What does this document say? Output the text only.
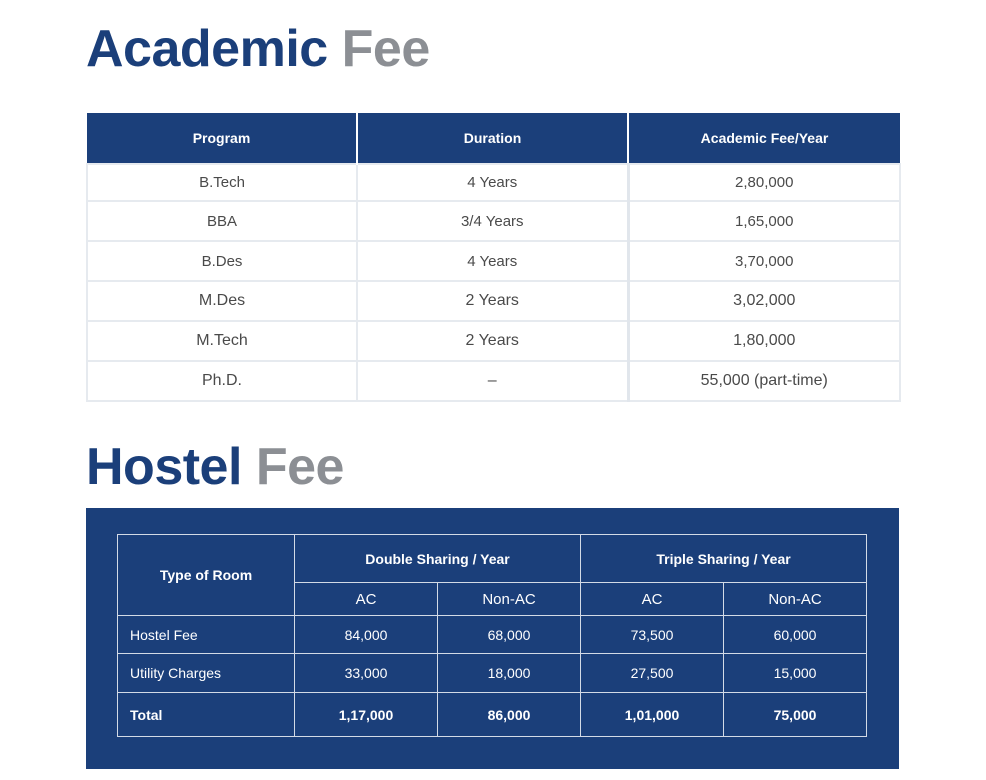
Academic Fee
Program	Duration	Academic Fee/Year
B.Tech	4 Years	2,80,000
BBA	3/4 Years	1,65,000
B.Des	4 Years	3,70,000
M.Des	2 Years	3,02,000
M.Tech	2 Years	1,80,000
Ph.D.	–	55,000 (part-time)
Hostel Fee
Type of Room	Double Sharing / Year		Triple Sharing / Year	
	AC	Non-AC	AC	Non-AC
Hostel Fee	84,000	68,000	73,500	60,000
Utility Charges	33,000	18,000	27,500	15,000
Total	1,17,000	86,000	1,01,000	75,000
